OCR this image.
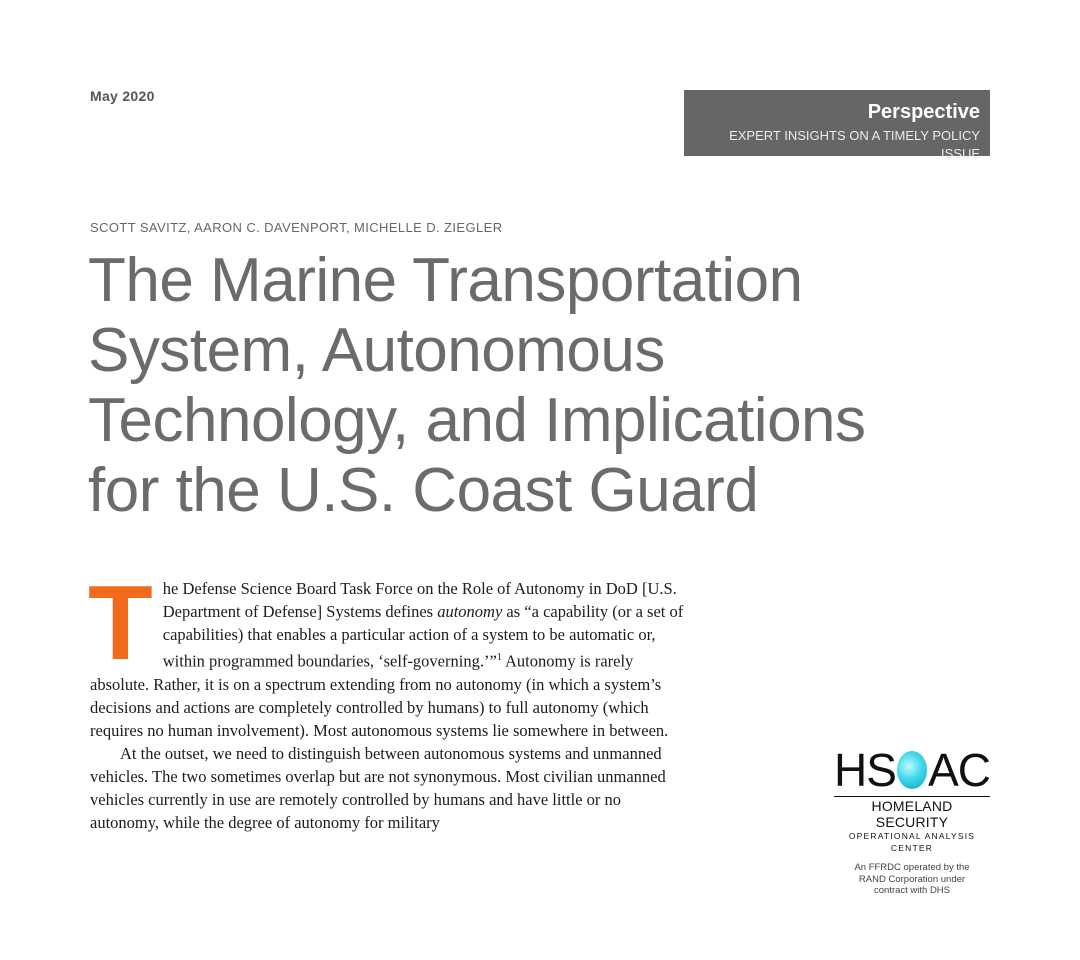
May 2020
Perspective
EXPERT INSIGHTS ON A TIMELY POLICY ISSUE
SCOTT SAVITZ, AARON C. DAVENPORT, MICHELLE D. ZIEGLER
The Marine Transportation
System, Autonomous
Technology, and Implications
for the U.S. Coast Guard

The Defense Science Board Task Force on the Role of Autonomy in DoD [U.S. Department of Defense] Systems defines autonomy as “a capability (or a set of capabilities) that enables a particular action of a system to be automatic or, within programmed boundaries, ‘self-governing.’”$^1$ Autonomy is rarely absolute. Rather, it is on a spectrum extending from no autonomy (in which a system’s decisions and actions are completely controlled by humans) to full autonomy (which requires no human involvement). Most autonomous systems lie somewhere in between.

At the outset, we need to distinguish between autonomous systems and unmanned vehicles. The two sometimes overlap but are not synonymous. Most civilian unmanned vehicles currently in use are remotely controlled by humans and have little or no autonomy, while the degree of autonomy for military

HS AC
HOMELAND SECURITY
OPERATIONAL ANALYSIS CENTER
An FFRDC operated by the RAND Corporation under contract with DHS
